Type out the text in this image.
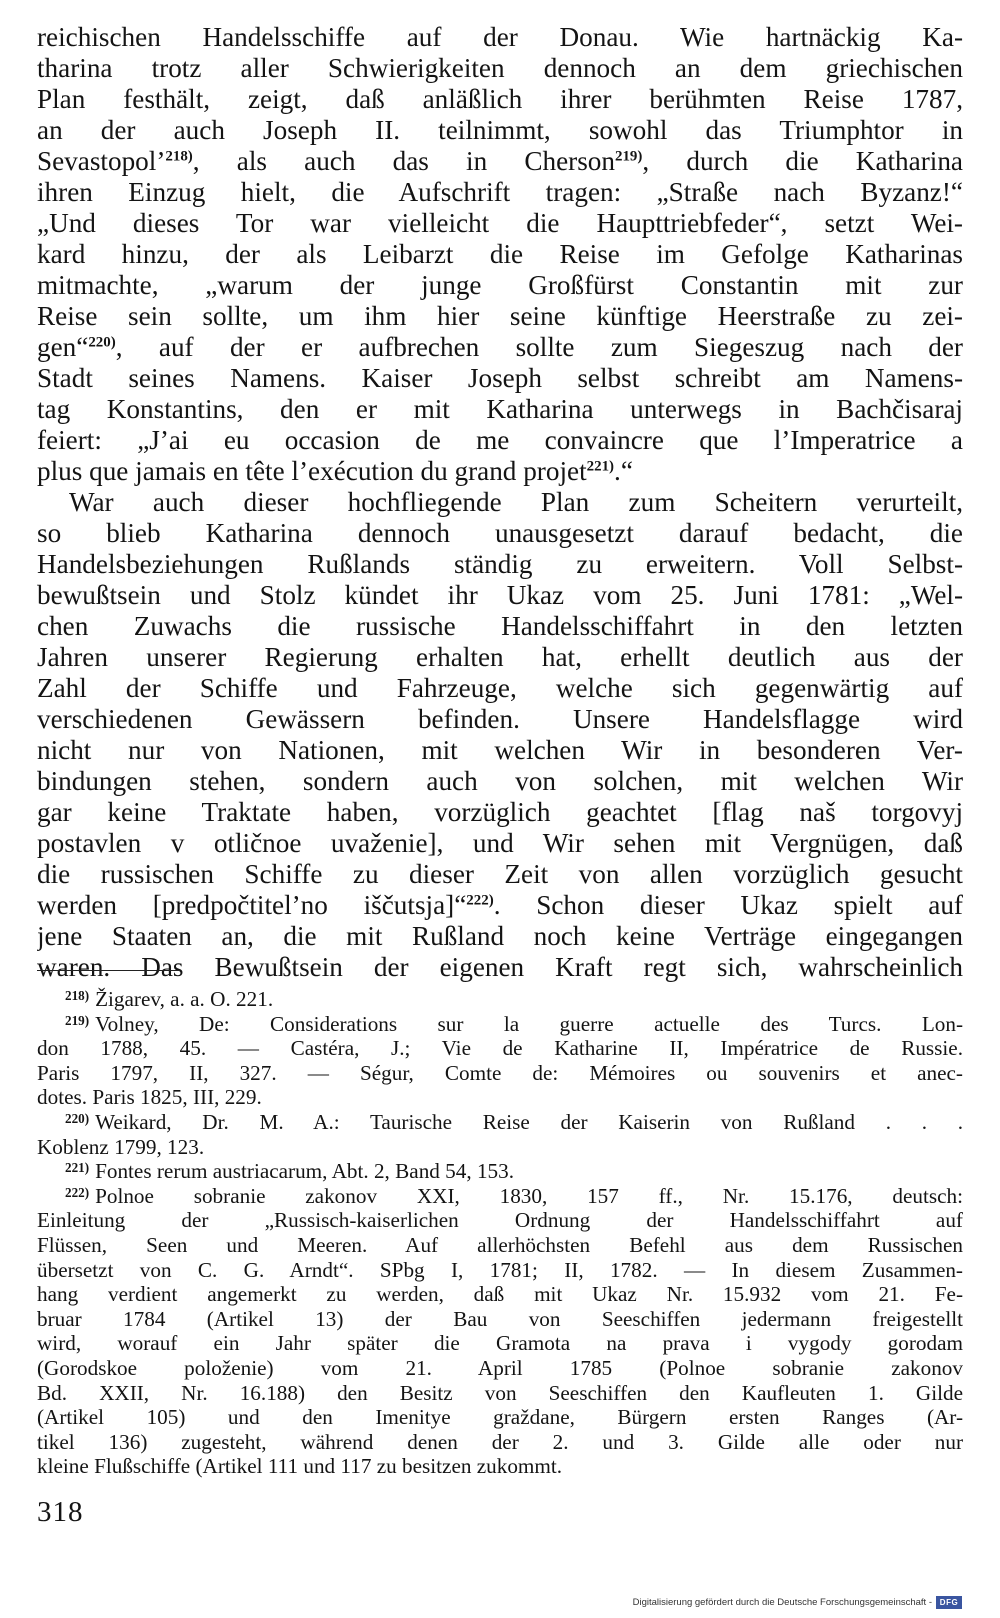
reichischen Handelsschiffe auf der Donau. Wie hartnäckig Ka-
tharina trotz aller Schwierigkeiten dennoch an dem griechischen
Plan festhält, zeigt, daß anläßlich ihrer berühmten Reise 1787,
an der auch Joseph II. teilnimmt, sowohl das Triumphtor in
Sevastopol’$^{218)}$, als auch das in Cherson$^{219)}$, durch die Katharina
ihren Einzug hielt, die Aufschrift tragen: „Straße nach Byzanz!“
„Und dieses Tor war vielleicht die Haupttriebfeder“, setzt Wei-
kard hinzu, der als Leibarzt die Reise im Gefolge Katharinas
mitmachte, „warum der junge Großfürst Constantin mit zur
Reise sein sollte, um ihm hier seine künftige Heerstraße zu zei-
gen“$^{220)}$, auf der er aufbrechen sollte zum Siegeszug nach der
Stadt seines Namens. Kaiser Joseph selbst schreibt am Namens-
tag Konstantins, den er mit Katharina unterwegs in Bachčisaraj
feiert: „J’ai eu occasion de me convaincre que l’Imperatrice a
plus que jamais en tête l’exécution du grand projet$^{221)}$.“
War auch dieser hochfliegende Plan zum Scheitern verurteilt,
so blieb Katharina dennoch unausgesetzt darauf bedacht, die
Handelsbeziehungen Rußlands ständig zu erweitern. Voll Selbst-
bewußtsein und Stolz kündet ihr Ukaz vom 25. Juni 1781: „Wel-
chen Zuwachs die russische Handelsschiffahrt in den letzten
Jahren unserer Regierung erhalten hat, erhellt deutlich aus der
Zahl der Schiffe und Fahrzeuge, welche sich gegenwärtig auf
verschiedenen Gewässern befinden. Unsere Handelsflagge wird
nicht nur von Nationen, mit welchen Wir in besonderen Ver-
bindungen stehen, sondern auch von solchen, mit welchen Wir
gar keine Traktate haben, vorzüglich geachtet [flag naš torgovyj
postavlen v otličnoe uvaženie], und Wir sehen mit Vergnügen, daß
die russischen Schiffe zu dieser Zeit von allen vorzüglich gesucht
werden [predpočtitel’no iščutsja]“$^{222)}$. Schon dieser Ukaz spielt auf
jene Staaten an, die mit Rußland noch keine Verträge eingegangen
waren. Das Bewußtsein der eigenen Kraft regt sich, wahrscheinlich
$^{218)}$ Žigarev, a. a. O. 221.
$^{219)}$ Volney, De: Considerations sur la guerre actuelle des Turcs. Lon-
don 1788, 45. — Castéra, J.; Vie de Katharine II, Impératrice de Russie.
Paris 1797, II, 327. — Ségur, Comte de: Mémoires ou souvenirs et anec-
dotes. Paris 1825, III, 229.
$^{220)}$ Weikard, Dr. M. A.: Taurische Reise der Kaiserin von Rußland . . .
Koblenz 1799, 123.
$^{221)}$ Fontes rerum austriacarum, Abt. 2, Band 54, 153.
$^{222)}$ Polnoe sobranie zakonov XXI, 1830, 157 ff., Nr. 15.176, deutsch:
Einleitung der „Russisch-kaiserlichen Ordnung der Handelsschiffahrt auf
Flüssen, Seen und Meeren. Auf allerhöchsten Befehl aus dem Russischen
übersetzt von C. G. Arndt“. SPbg I, 1781; II, 1782. — In diesem Zusammen-
hang verdient angemerkt zu werden, daß mit Ukaz Nr. 15.932 vom 21. Fe-
bruar 1784 (Artikel 13) der Bau von Seeschiffen jedermann freigestellt
wird, worauf ein Jahr später die Gramota na prava i vygody gorodam
(Gorodskoe položenie) vom 21. April 1785 (Polnoe sobranie zakonov
Bd. XXII, Nr. 16.188) den Besitz von Seeschiffen den Kaufleuten 1. Gilde
(Artikel 105) und den Imenitye graždane, Bürgern ersten Ranges (Ar-
tikel 136) zugesteht, während denen der 2. und 3. Gilde alle oder nur
kleine Flußschiffe (Artikel 111 und 117 zu besitzen zukommt.
318
Digitalisierung gefördert durch die Deutsche Forschungsgemeinschaft - DFG
